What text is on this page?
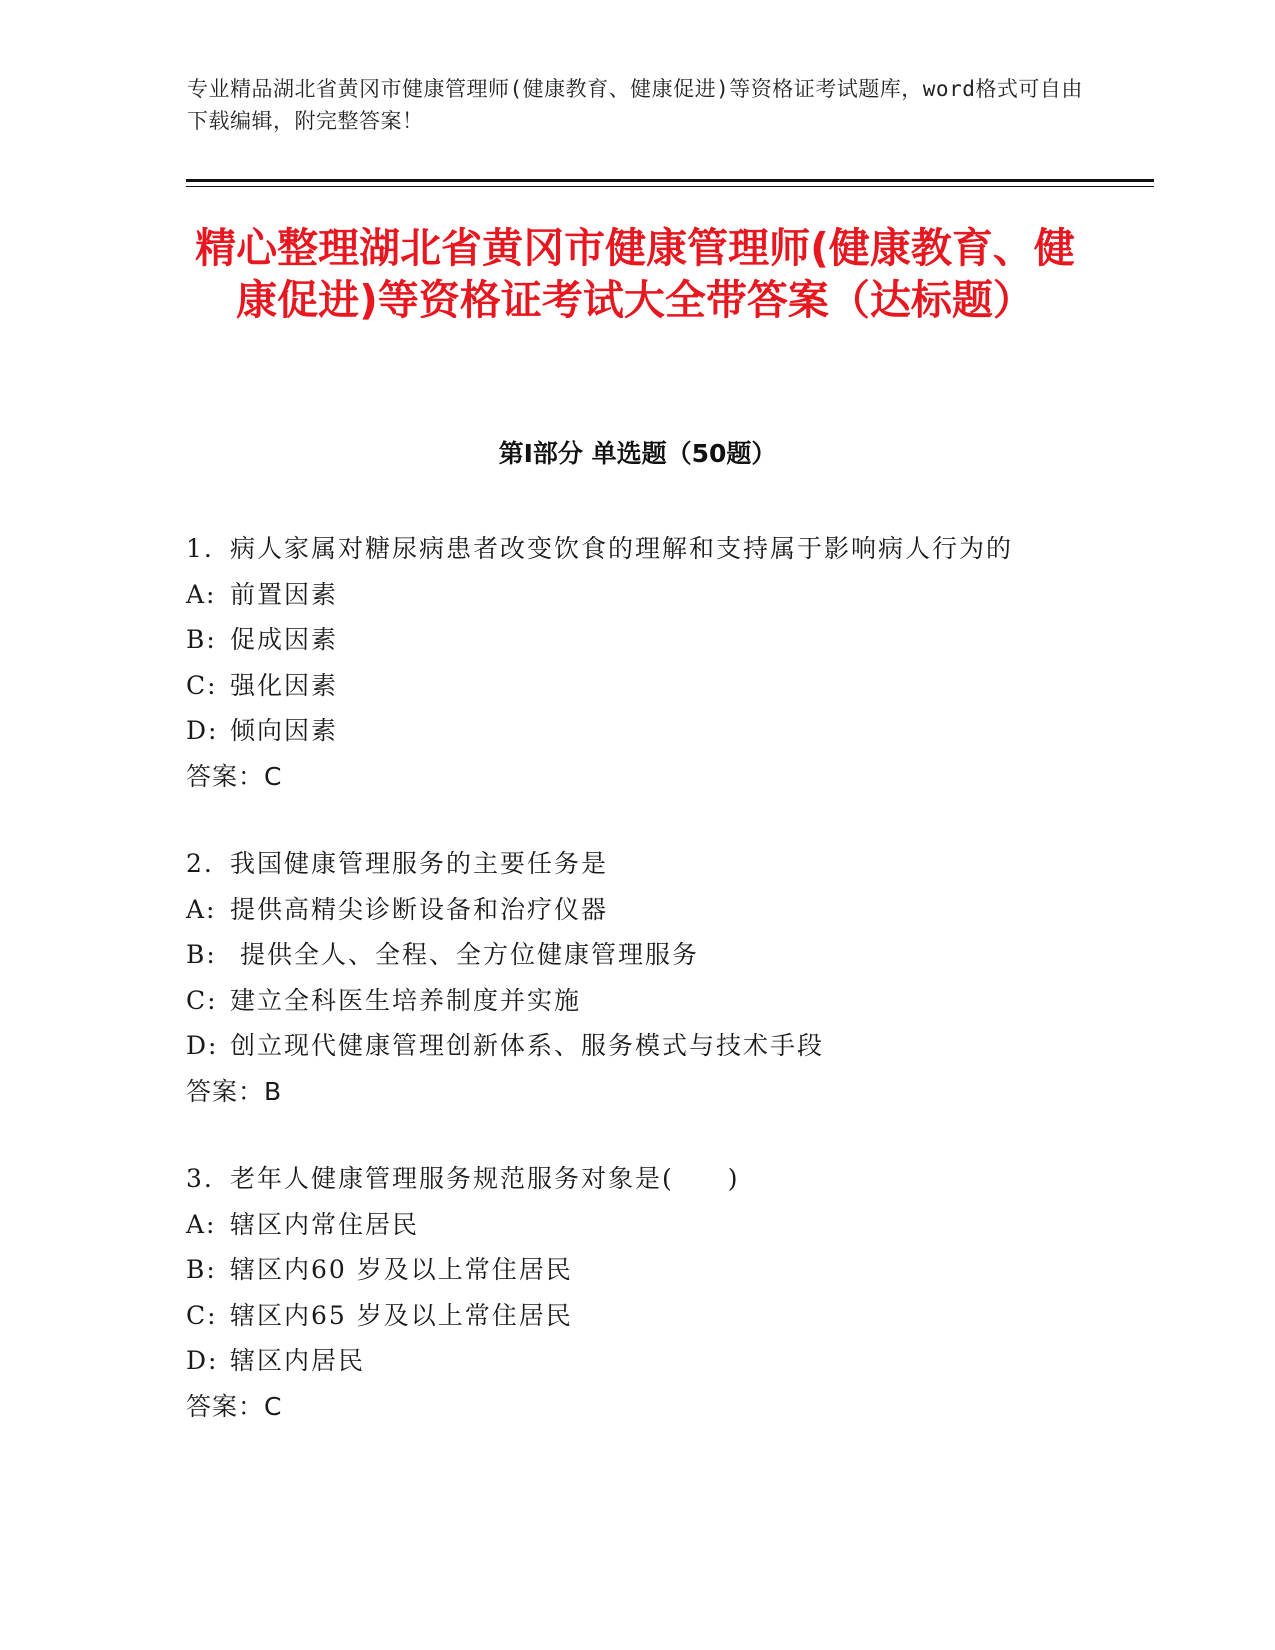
专业精品湖北省黄冈市健康管理师(健康教育、健康促进)等资格证考试题库，word格式可自由下载编辑，附完整答案！
精心整理湖北省黄冈市健康管理师(健康教育、健康促进)等资格证考试大全带答案（达标题）
第Ⅰ部分 单选题（50题）
1. 病人家属对糖尿病患者改变饮食的理解和支持属于影响病人行为的
A: 前置因素
B: 促成因素
C: 强化因素
D: 倾向因素
答案：C
2. 我国健康管理服务的主要任务是
A: 提供高精尖诊断设备和治疗仪器
B: 提供全人、全程、全方位健康管理服务
C: 建立全科医生培养制度并实施
D: 创立现代健康管理创新体系、服务模式与技术手段
答案：B
3. 老年人健康管理服务规范服务对象是(　　)
A: 辖区内常住居民
B: 辖区内60 岁及以上常住居民
C: 辖区内65 岁及以上常住居民
D: 辖区内居民
答案：C
